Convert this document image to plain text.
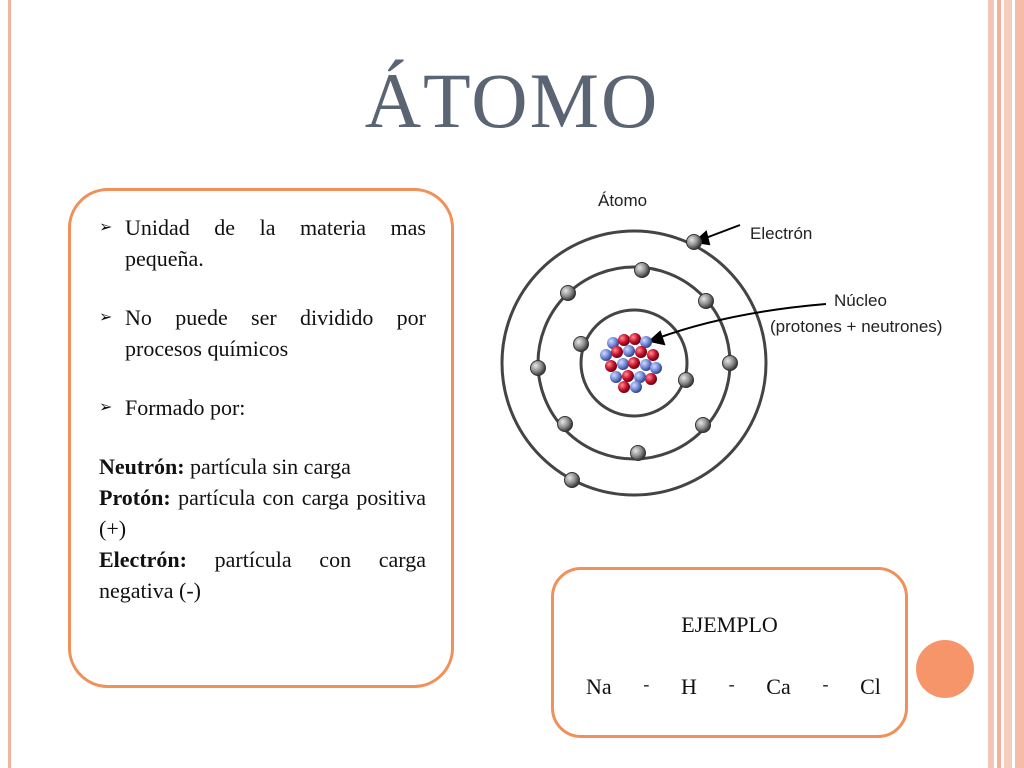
ÁTOMO
➢ Unidad de la materia mas pequeña.
➢ No puede ser dividido por procesos químicos
➢ Formado por:
Neutrón: partícula sin carga
Protón: partícula con carga positiva (+)
Electrón: partícula con carga negativa (-)
Átomo
Electrón
Núcleo
(protones + neutrones)
EJEMPLO
Na - H - Ca - Cl
